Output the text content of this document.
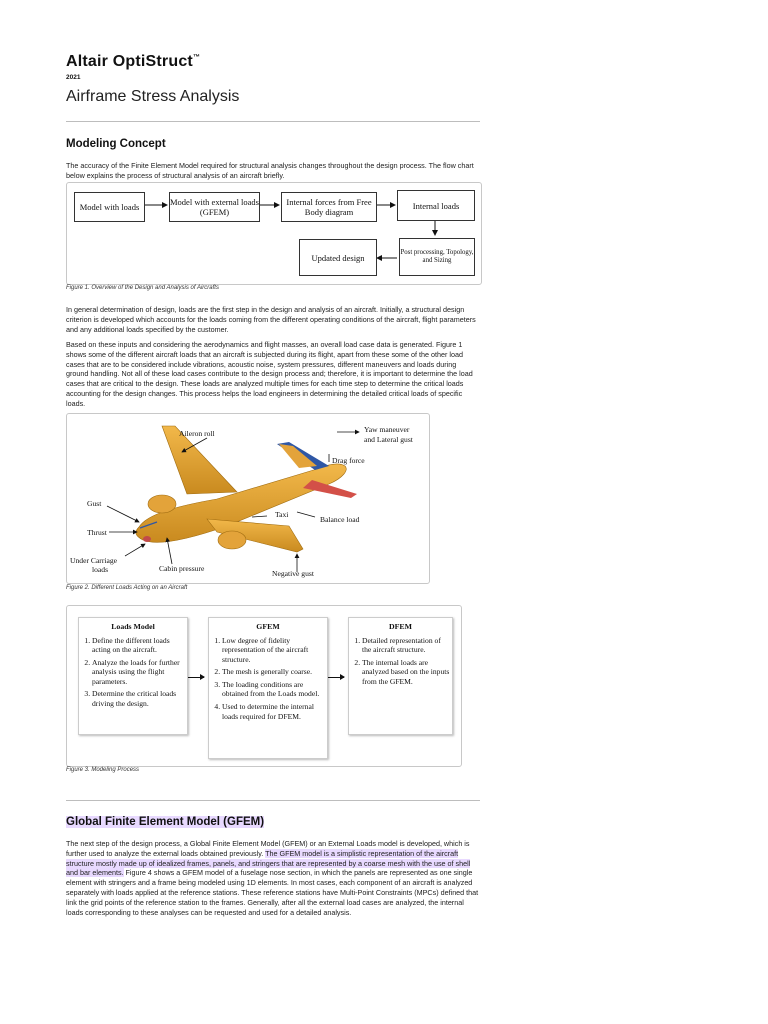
Altair OptiStruct™
2021
Airframe Stress Analysis
Modeling Concept
The accuracy of the Finite Element Model required for structural analysis changes throughout the design process. The flow chart below explains the process of structural analysis of an aircraft briefly.
Model with loads	Model with external loads (GFEM)
Internal forces from Free Body diagram
Internal loads
Post processing, Topology, and Sizing
Updated design
Figure 1. Overview of the Design and Analysis of Aircrafts
In general determination of design, loads are the first step in the design and analysis of an aircraft. Initially, a structural design criterion is developed which accounts for the loads coming from the different operating conditions of the aircraft, flight parameters and any additional loads specified by the customer.
Based on these inputs and considering the aerodynamics and flight masses, an overall load case data is generated. Figure 1 shows some of the different aircraft loads that an aircraft is subjected during its flight, apart from these some of the other load cases that are to be considered include vibrations, acoustic noise, system pressures, different maneuvers and loads during ground handling. Not all of these load cases contribute to the design process and; therefore, it is important to determine the load cases that are critical to the design. These loads are analyzed multiple times for each time step to determine the critical loads accounting for the design changes. This process helps the load engineers in determining the detailed critical loads of specific loads.
Aileron roll	Yaw maneuver
and Lateral gust
Drag force
Gust
Thrust
Taxi
Balance load
Under Carriage
loads	Cabin pressure
Negative gust
Figure 2. Different Loads Acting on an Aircraft
Loads Model
1. Define the different loads acting on the aircraft.
2. Analyze the loads for further analysis using the flight parameters.
3. Determine the critical loads driving the design.
GFEM
1. Low degree of fidelity representation of the aircraft structure.
2. The mesh is generally coarse.
3. The loading conditions are obtained from the Loads model.
4. Used to determine the internal loads required for DFEM.
DFEM
1. Detailed representation of the aircraft structure.
2. The internal loads are analyzed based on the inputs from the GFEM.
Figure 3. Modeling Process
Global Finite Element Model (GFEM)
The next step of the design process, a Global Finite Element Model (GFEM) or an External Loads model is developed, which is further used to analyze the external loads obtained previously. The GFEM model is a simplistic representation of the aircraft structure mostly made up of idealized frames, panels, and stringers that are represented by a coarse mesh with the use of shell and bar elements. Figure 4 shows a GFEM model of a fuselage nose section, in which the panels are represented as one single element with stringers and a frame being modeled using 1D elements. In most cases, each component of an aircraft is analyzed separately with loads applied at the reference stations. These reference stations have Multi-Point Constraints (MPCs) defined that link the grid points of the reference station to the frames. Generally, after all the external load cases are analyzed, the internal loads corresponding to these analyses can be requested and used for a detailed analysis.
